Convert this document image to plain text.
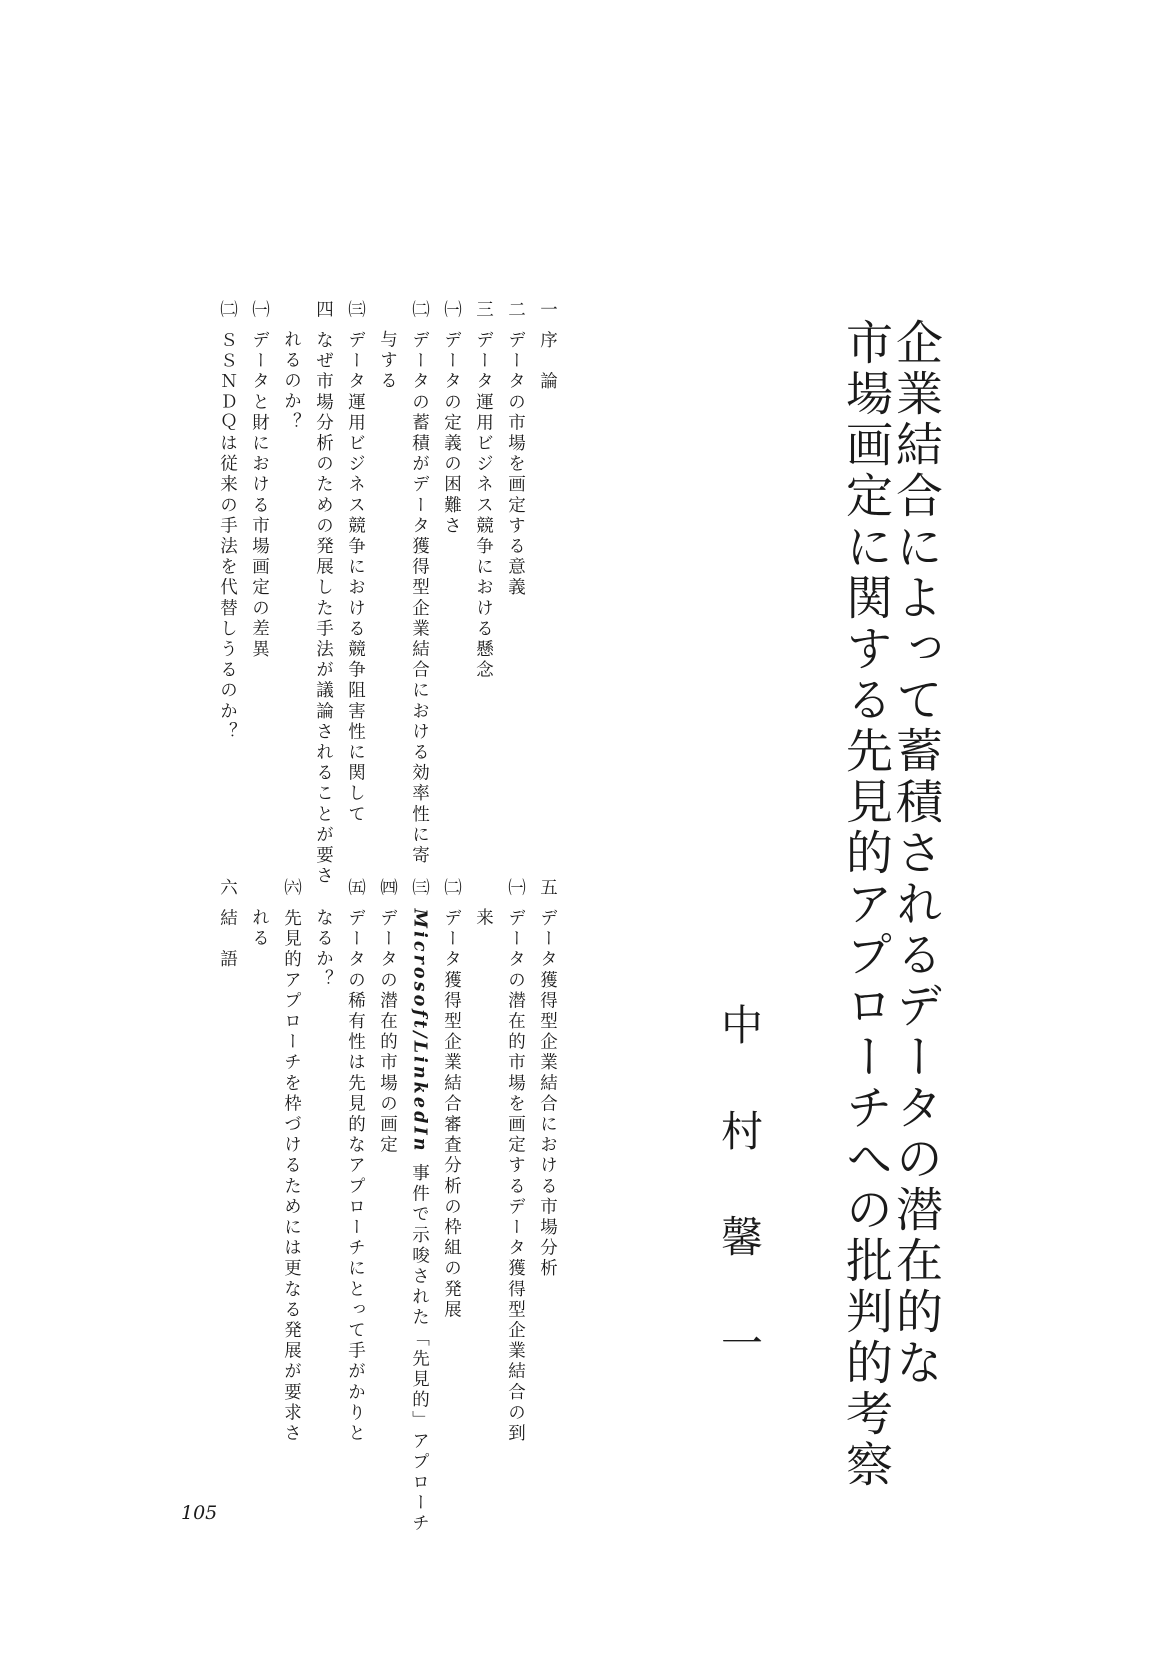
企業結合によって蓄積されるデータの潜在的な
市場画定に関する先見的アプローチへの批判的考察
中村馨一
一序　論
二データの市場を画定する意義
三データ運用ビジネス競争における懸念
㈠データの定義の困難さ
㈡データの蓄積がデータ獲得型企業結合における効率性に寄
与する
㈢データ運用ビジネス競争における競争阻害性に関して
四なぜ市場分析のための発展した手法が議論されることが要さ
れるのか？
㈠データと財における市場画定の差異
㈡ＳＳＮＤＱは従来の手法を代替しうるのか？
五データ獲得型企業結合における市場分析
㈠データの潜在的市場を画定するデータ獲得型企業結合の到
来
㈡データ獲得型企業結合審査分析の枠組の発展
㈢Microsoft/LinkedIn事件で示唆された「先見的」アプローチ
㈣データの潜在的市場の画定
㈤データの稀有性は先見的なアプローチにとって手がかりと
なるか？
㈥先見的アプローチを枠づけるためには更なる発展が要求さ
れる
六結　語
105
